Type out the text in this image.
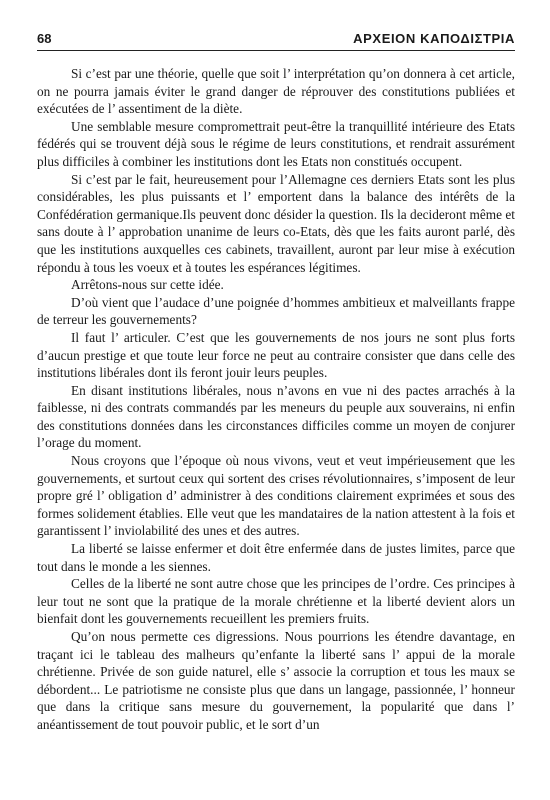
68	ΑΡΧΕΙΟΝ ΚΑΠΟΔΙΣΤΡΙΑ

Si c’est par une théorie, quelle que soit l’ interprétation qu’on donnera à cet article, on ne pourra jamais éviter le grand danger de réprouver des constitutions publiées et exécutées de l’ assentiment de la diète.

Une semblable mesure compromettrait peut-être la tranquillité intérieure des Etats fédérés qui se trouvent déjà sous le régime de leurs constitutions, et rendrait assurément plus difficiles à combiner les institutions dont les Etats non constitués occupent.

Si c’est par le fait, heureusement pour l’Allemagne ces derniers Etats sont les plus considérables, les plus puissants et l’ emportent dans la balance des intérêts de la Confédération germanique.Ils peuvent donc désider la question. Ils la decideront même et sans doute à l’ approbation unanime de leurs co-Etats, dès que les faits auront parlé, dès que les institutions auxquelles ces cabinets, travaillent, auront par leur mise à exécution répondu à tous les voeux et à toutes les espérances légitimes.

Arrêtons-nous sur cette idée.

D’où vient que l’audace d’une poignée d’hommes ambitieux et malveillants frappe de terreur les gouvernements?

Il faut l’ articuler. C’est que les gouvernements de nos jours ne sont plus forts d’aucun prestige et que toute leur force ne peut au contraire consister que dans celle des institutions libérales dont ils feront jouir leurs peuples.

En disant institutions libérales, nous n’avons en vue ni des pactes arrachés à la faiblesse, ni des contrats commandés par les meneurs du peuple aux souverains, ni enfin des constitutions données dans les circonstances difficiles comme un moyen de conjurer l’orage du moment.

Nous croyons que l’époque où nous vivons, veut et veut impérieusement que les gouvernements, et surtout ceux qui sortent des crises révolutionnaires, s’imposent de leur propre gré l’ obligation d’ administrer à des conditions clairement exprimées et sous des formes solidement établies. Elle veut que les mandataires de la nation attestent à la fois et garantissent l’ inviolabilité des unes et des autres.

La liberté se laisse enfermer et doit être enfermée dans de justes limites, parce que tout dans le monde a les siennes.

Celles de la liberté ne sont autre chose que les principes de l’ordre. Ces principes à leur tout ne sont que la pratique de la morale chrétienne et la liberté devient alors un bienfait dont les gouvernements recueillent les premiers fruits.

Qu’on nous permette ces digressions. Nous pourrions les étendre davantage, en traçant ici le tableau des malheurs qu’enfante la liberté sans l’ appui de la morale chrétienne. Privée de son guide naturel, elle s’ associe la corruption et tous les maux se débordent... Le patriotisme ne consiste plus que dans un langage, passionnée, l’ honneur que dans la critique sans mesure du gouvernement, la popularité que dans l’ anéantissement de tout pouvoir public, et le sort d’un
